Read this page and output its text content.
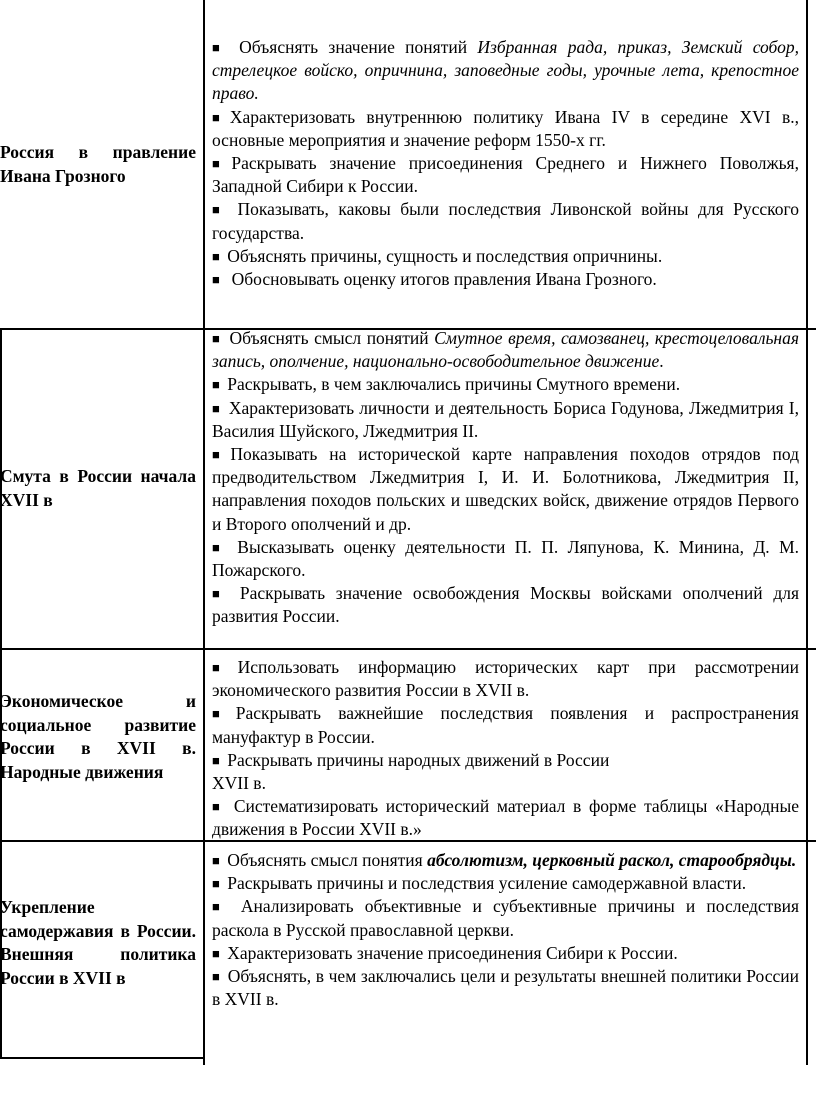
Россия в правление Ивана Грозного

■ Объяснять значение понятий Избранная рада, приказ, Земский собор, стрелецкое войско, опричнина, заповедные годы, урочные лета, крепостное право.

■ Характеризовать внутреннюю политику Ивана IV в середине XVI в., основные мероприятия и значение реформ 1550-х гг.

■ Раскрывать значение присоединения Среднего и Нижнего Поволжья, Западной Сибири к России.

■ Показывать, каковы были последствия Ливонской войны для Русского государства.

■ Объяснять причины, сущность и последствия опричнины.

■ Обосновывать оценку итогов правления Ивана Грозного.

Смута в России начала XVII в

■ Объяснять смысл понятий Смутное время, самозванец, крестоцеловальная запись, ополчение, национально-освободительное движение.

■ Раскрывать, в чем заключались причины Смутного времени.

■ Характеризовать личности и деятельность Бориса Годунова, Лжедмитрия I, Василия Шуйского, Лжедмитрия II.

■ Показывать на исторической карте направления походов отрядов под предводительством Лжедмитрия I, И. И. Болотникова, Лжедмитрия II, направления походов польских и шведских войск, движение отрядов Первого и Второго ополчений и др.

■ Высказывать оценку деятельности П. П. Ляпунова, К. Минина, Д. М. Пожарского.

■ Раскрывать значение освобождения Москвы войсками ополчений для развития России.

Экономическое и социальное развитие России в XVII в. Народные движения

■ Использовать информацию исторических карт при рассмотрении экономического развития России в XVII в.

■ Раскрывать важнейшие последствия появления и распространения мануфактур в России.

■ Раскрывать причины народных движений в России XVII в.

■ Систематизировать исторический материал в форме таблицы «Народные движения в России XVII в.»

Укрепление самодержавия в России. Внешняя политика России в XVII в

■ Объяснять смысл понятия абсолютизм, церковный раскол, старообрядцы.

■ Раскрывать причины и последствия усиление самодержавной власти.

■ Анализировать объективные и субъективные причины и последствия раскола в Русской православной церкви.

■ Характеризовать значение присоединения Сибири к России.

■ Объяснять, в чем заключались цели и результаты внешней политики России в XVII в.
